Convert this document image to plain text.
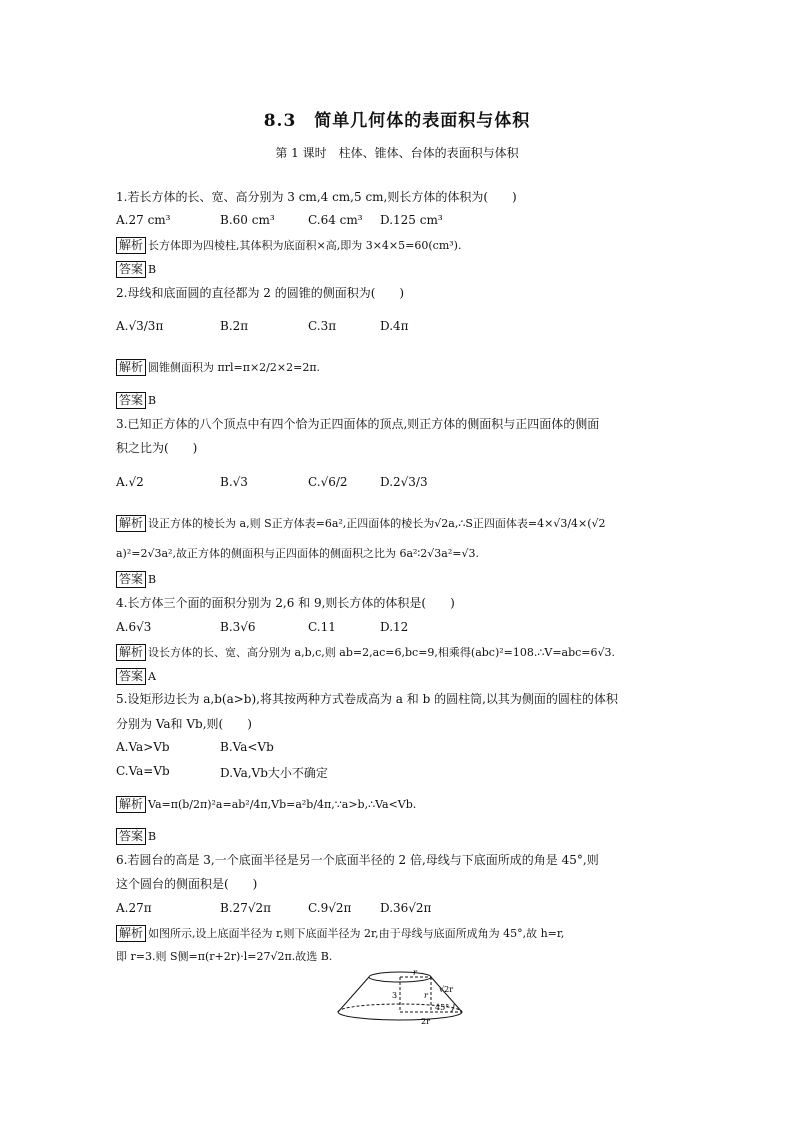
8.3　简单几何体的表面积与体积
第 1 课时　柱体、锥体、台体的表面积与体积
1.若长方体的长、宽、高分别为 3 cm,4 cm,5 cm,则长方体的体积为(　　)
A.27 cm³	B.60 cm³	C.64 cm³ D.125 cm³
解析 长方体即为四棱柱,其体积为底面积×高,即为 3×4×5=60(cm³).
答案 B
2.母线和底面圆的直径都为 2 的圆锥的侧面积为(　　)
A.√3/3π	B.2π	C.3π	D.4π
解析 圆锥侧面积为 πrl=π×2/2×2=2π.
答案 B
3.已知正方体的八个顶点中有四个恰为正四面体的顶点,则正方体的侧面积与正四面体的侧面
积之比为(　　)
A.√2	B.√3	C.√6/2	D.2√3/3
解析 设正方体的棱长为 a,则 S正方体表=6a²,正四面体的棱长为√2a,∴S正四面体表=4×√3/4×(√2
a)²=2√3a²,故正方体的侧面积与正四面体的侧面积之比为 6a²∶2√3a²=√3.
答案 B
4.长方体三个面的面积分别为 2,6 和 9,则长方体的体积是(　　)
A.6√3	B.3√6	C.11	D.12
解析 设长方体的长、宽、高分别为 a,b,c,则 ab=2,ac=6,bc=9,相乘得(abc)²=108.∴V=abc=6√3.
答案 A
5.设矩形边长为 a,b(a>b),将其按两种方式卷成高为 a 和 b 的圆柱筒,以其为侧面的圆柱的体积
分别为 Va和 Vb,则(　　)
A.Va>Vb	B.Va<Vb
C.Va=Vb	D.Va,Vb大小不确定
解析 Va=π(b/2π)²a=ab²/4π,Vb=a²b/4π,∵a>b,∴Va<Vb.
答案 B
6.若圆台的高是 3,一个底面半径是另一个底面半径的 2 倍,母线与下底面所成的角是 45°,则
这个圆台的侧面积是(　　)
A.27π	B.27√2π	C.9√2π D.36√2π
解析 如图所示,设上底面半径为 r,则下底面半径为 2r,由于母线与底面所成角为 45°,故 h=r,
即 r=3.则 S侧=π(r+2r)·l=27√2π.故选 B.
r
√2r
3	r
45°
2r
